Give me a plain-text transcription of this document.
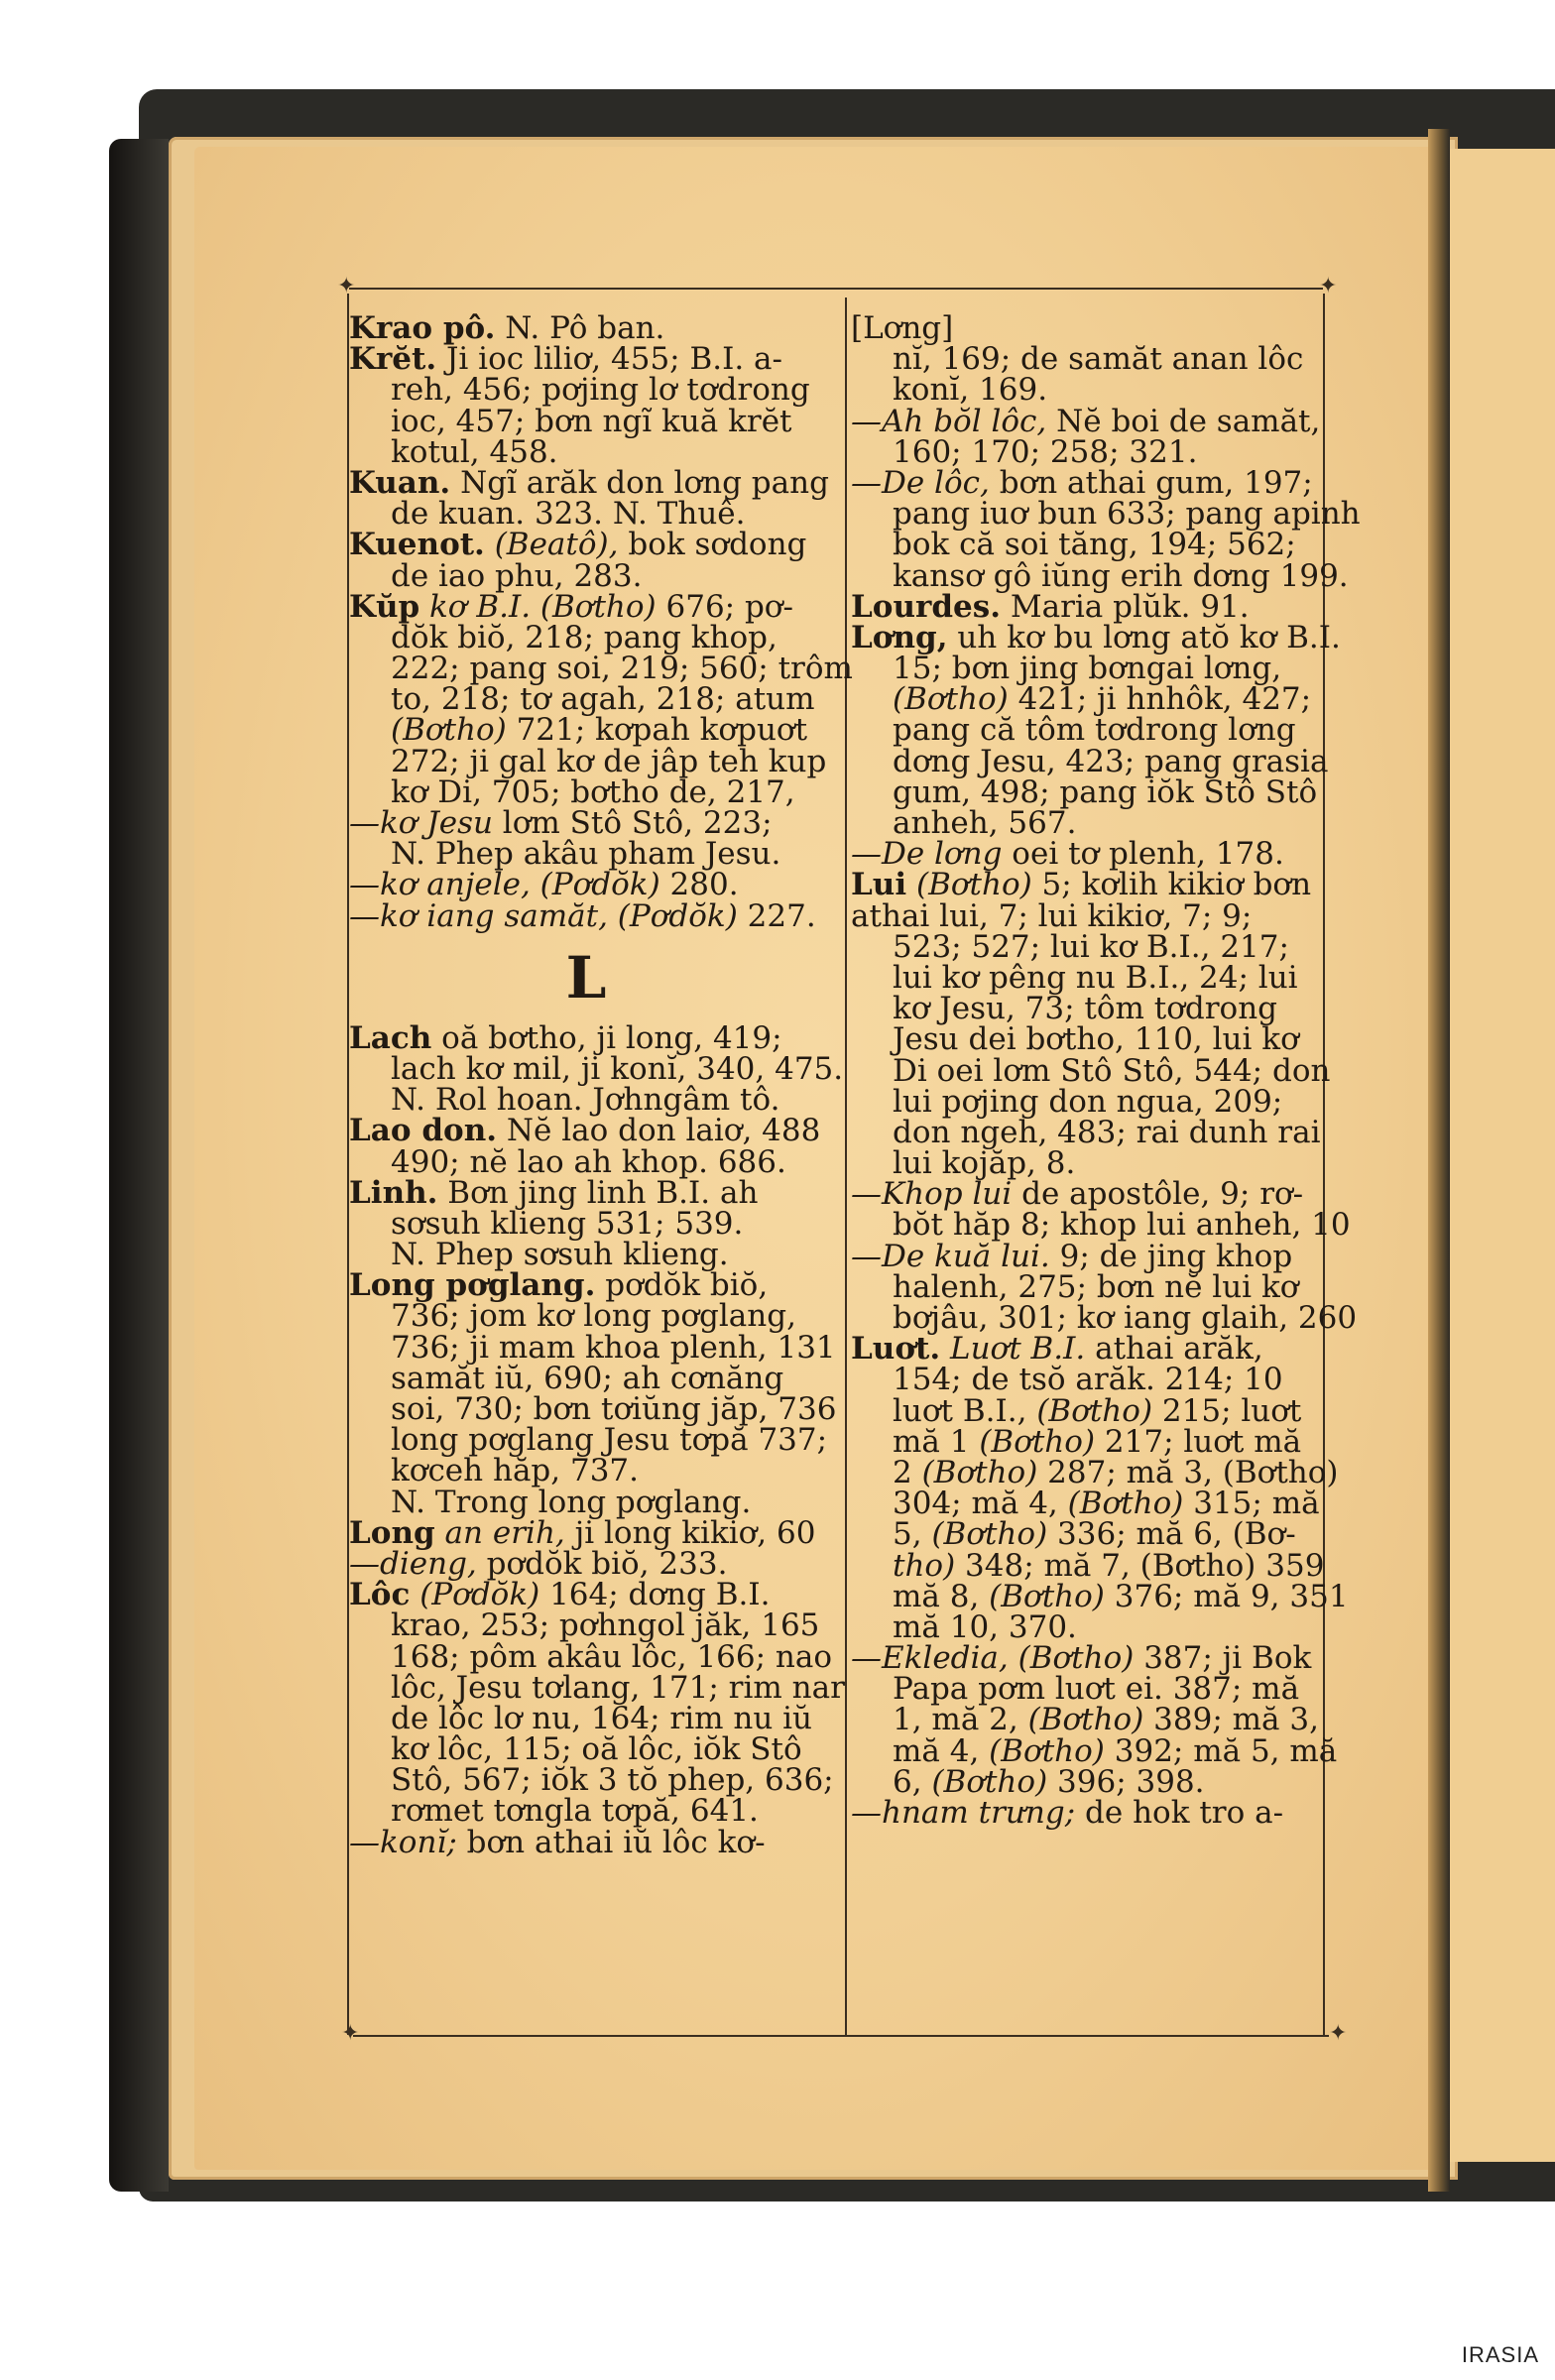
✦	✦
✦	✦
Krao pô. N. Pô ban.
Krĕt. Ji ioc liliơ, 455; B.I. a-
reh, 456; pơjing lơ tơdrong
ioc, 457; bơn ngĩ kuă krĕt
kotul, 458.
Kuan. Ngĩ arăk don lơng pang
de kuan. 323. N. Thuê.
Kuenot. (Beatô), bok sơdong
de iao phu, 283.
Kŭp kơ B.I. (Bơtho) 676; pơ-
dŏk biŏ, 218; pang khop,
222; pang soi, 219; 560; trôm
to, 218; tơ agah, 218; atum
(Bơtho) 721; kơpah kơpuơt
272; ji gal kơ de jâp teh kup
kơ Di, 705; bơtho de, 217,
—kơ Jesu lơm Stô Stô, 223;
N. Phep akâu pham Jesu.
—kơ anjele, (Pơdŏk) 280.
—kơ iang samăt, (Pơdŏk) 227.
L
Lach oă bơtho, ji long, 419;
lach kơ mil, ji konĭ, 340, 475.
N. Rol hoan. Jơhngâm tô.
Lao don. Nĕ lao don laiơ, 488
490; nĕ lao ah khop. 686.
Linh. Bơn jing linh B.I. ah
sơsuh klieng 531; 539.
N. Phep sơsuh klieng.
Long pơglang. pơdŏk biŏ,
736; jom kơ long pơglang,
736; ji mam khoa plenh, 131
samăt iŭ, 690; ah cơnăng
soi, 730; bơn tơiŭng jăp, 736
long pơglang Jesu tơpă 737;
kơceh hăp, 737.
N. Trong long pơglang.
Long an erih, ji long kikiơ, 60
—dieng, pơdŏk biŏ, 233.
Lôc (Pơdŏk) 164; dơng B.I.
krao, 253; pơhngol jăk, 165
168; pôm akâu lôc, 166; nao
lôc, Jesu tơlang, 171; rim nar
de lôc lơ nu, 164; rim nu iŭ
kơ lôc, 115; oă lôc, iŏk Stô
Stô, 567; iŏk 3 tŏ phep, 636;
rơmet tơngla tơpă, 641.
—konĭ; bơn athai iŭ lôc kơ-
[Lơng]
nĭ, 169; de samăt anan lôc
konĭ, 169.
—Ah bŏl lôc, Nĕ boi de samăt,
160; 170; 258; 321.
—De lôc, bơn athai gum, 197;
pang iuơ bun 633; pang apinh
bok că soi tăng, 194; 562;
kansơ gô iŭng erih dơng 199.
Lourdes. Maria plŭk. 91.
Lơng, uh kơ bu lơng atŏ kơ B.I.
15; bơn jing bơngai lơng,
(Bơtho) 421; ji hnhôk, 427;
pang că tôm tơdrong lơng
dơng Jesu, 423; pang grasia
gum, 498; pang iŏk Stô Stô
anheh, 567.
—De lơng oei tơ plenh, 178.
Lui (Bơtho) 5; kơlih kikiơ bơn
athai lui, 7; lui kikiơ, 7; 9;
523; 527; lui kơ B.I., 217;
lui kơ pêng nu B.I., 24; lui
kơ Jesu, 73; tôm tơdrong
Jesu dei bơtho, 110, lui kơ
Di oei lơm Stô Stô, 544; don
lui pơjing don ngua, 209;
don ngeh, 483; rai dunh rai
lui kojăp, 8.
—Khop lui de apostôle, 9; rơ-
bŏt hăp 8; khop lui anheh, 10
—De kuă lui. 9; de jing khop
halenh, 275; bơn nĕ lui kơ
bơjâu, 301; kơ iang glaih, 260
Luơt. Luơt B.I. athai arăk,
154; de tsŏ arăk. 214; 10
luơt B.I., (Bơtho) 215; luơt
mă 1 (Bơtho) 217; luơt mă
2 (Bơtho) 287; mă 3, (Bơtho)
304; mă 4, (Bơtho) 315; mă
5, (Bơtho) 336; mă 6, (Bơ-
tho) 348; mă 7, (Bơtho) 359
mă 8, (Bơtho) 376; mă 9, 351
mă 10, 370.
—Ekledia, (Bơtho) 387; ji Bok
Papa pơm luơt ei. 387; mă
1, mă 2, (Bơtho) 389; mă 3,
mă 4, (Bơtho) 392; mă 5, mă
6, (Bơtho) 396; 398.
—hnam trưng; de hok tro a-
IRASIA
